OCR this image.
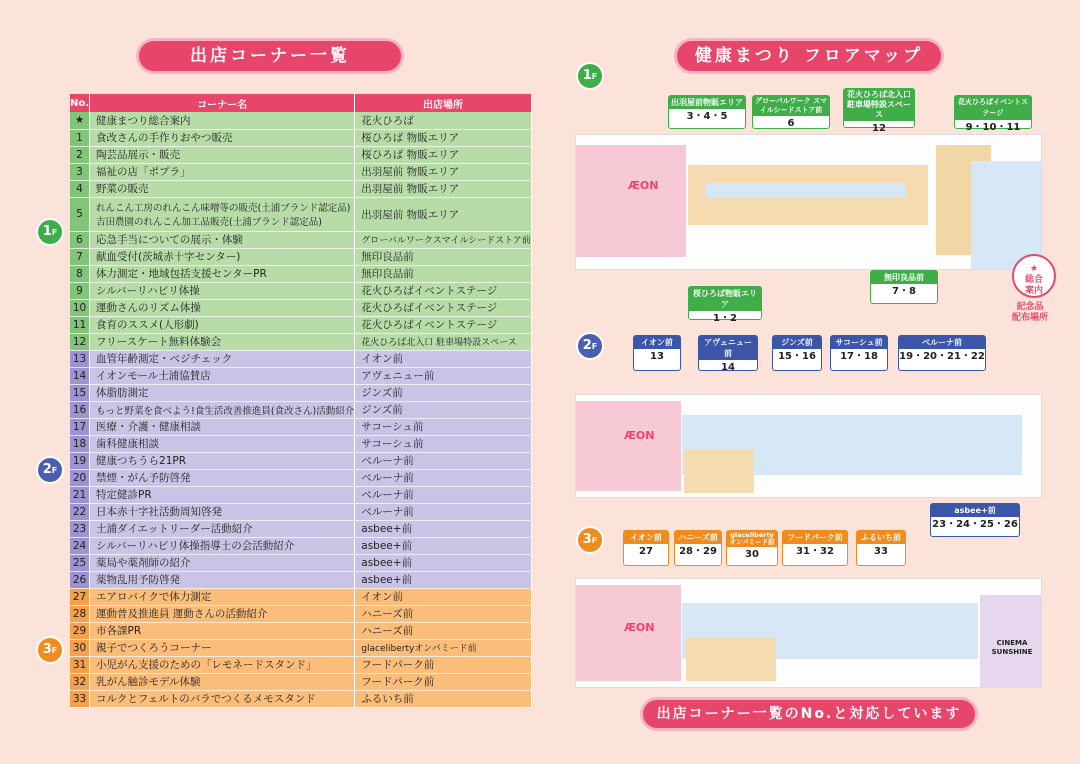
出店コーナー一覧	健康まつり フロアマップ
No.	コーナー名	出店場所
★	健康まつり総合案内	花火ひろば
1	食改さんの手作りおやつ販売	桜ひろば 物販エリア
2	陶芸品展示・販売	桜ひろば 物販エリア
3	福祉の店「ポプラ」	出羽屋前 物販エリア
4	野菜の販売	出羽屋前 物販エリア
5	れんこん工房のれんこん味噌等の販売(土浦ブランド認定品)
吉田農園のれんこん加工品販売(土浦ブランド認定品)	出羽屋前 物販エリア
6	応急手当についての展示・体験	グローバルワークスマイルシードストア前
7	献血受付(茨城赤十字センター)	無印良品前
8	体力測定・地域包括支援センターPR	無印良品前
9	シルバーリハビリ体操	花火ひろばイベントステージ
10	運動さんのリズム体操	花火ひろばイベントステージ
11	食育のススメ(人形劇)	花火ひろばイベントステージ
12	フリースケート無料体験会	花火ひろば北入口 駐車場特設スペース
13	血管年齢測定・ベジチェック	イオン前
14	イオンモール土浦協賛店	アヴェニュー前
15	体脂肪測定	ジンズ前
16	もっと野菜を食べよう!食生活改善推進員(食改さん)活動紹介	ジンズ前
17	医療・介護・健康相談	サコーシュ前
18	歯科健康相談	サコーシュ前
19	健康つちうら21PR	ベルーナ前
20	禁煙・がん予防啓発	ベルーナ前
21	特定健診PR	ベルーナ前
22	日本赤十字社活動周知啓発	ベルーナ前
23	土浦ダイエットリーダー活動紹介	asbee+前
24	シルバーリハビリ体操指導士の会活動紹介	asbee+前
25	薬局や薬剤師の紹介	asbee+前
26	薬物乱用予防啓発	asbee+前
27	エアロバイクで体力測定	イオン前
28	運動普及推進員 運動さんの活動紹介	ハニーズ前
29	市各課PR	ハニーズ前
30	親子でつくろうコーナー	glacelibertyオンパミード前
31	小児がん支援のための「レモネードスタンド」	フードパーク前
32	乳がん触診モデル体験	フードパーク前
33	コルクとフェルトのバラでつくるメモスタンド	ふるいち前
1F
2F
3F
1F
2F
3F
ÆON
出羽屋前物販エリア
3・4・5
グローバルワーク スマイルシードストア前
6
花火ひろば北入口 駐車場特設スペース
12
花火ひろばイベントステージ
9・10・11
無印良品前
7・8
桜ひろば物販エリア
1・2
★
総合
案内
記念品
配布場所
ÆON
イオン前
13
アヴェニュー前
14
ジンズ前
15・16
サコーシュ前
17・18
ベルーナ前
19・20・21・22
asbee+前
23・24・25・26
ÆON
CINEMA
SUNSHINE
イオン前
27
ハニーズ前
28・29
glaceliberty オンパミード前
30
フードパーク前
31・32
ふるいち前
33
出店コーナー一覧のNo.と対応しています
